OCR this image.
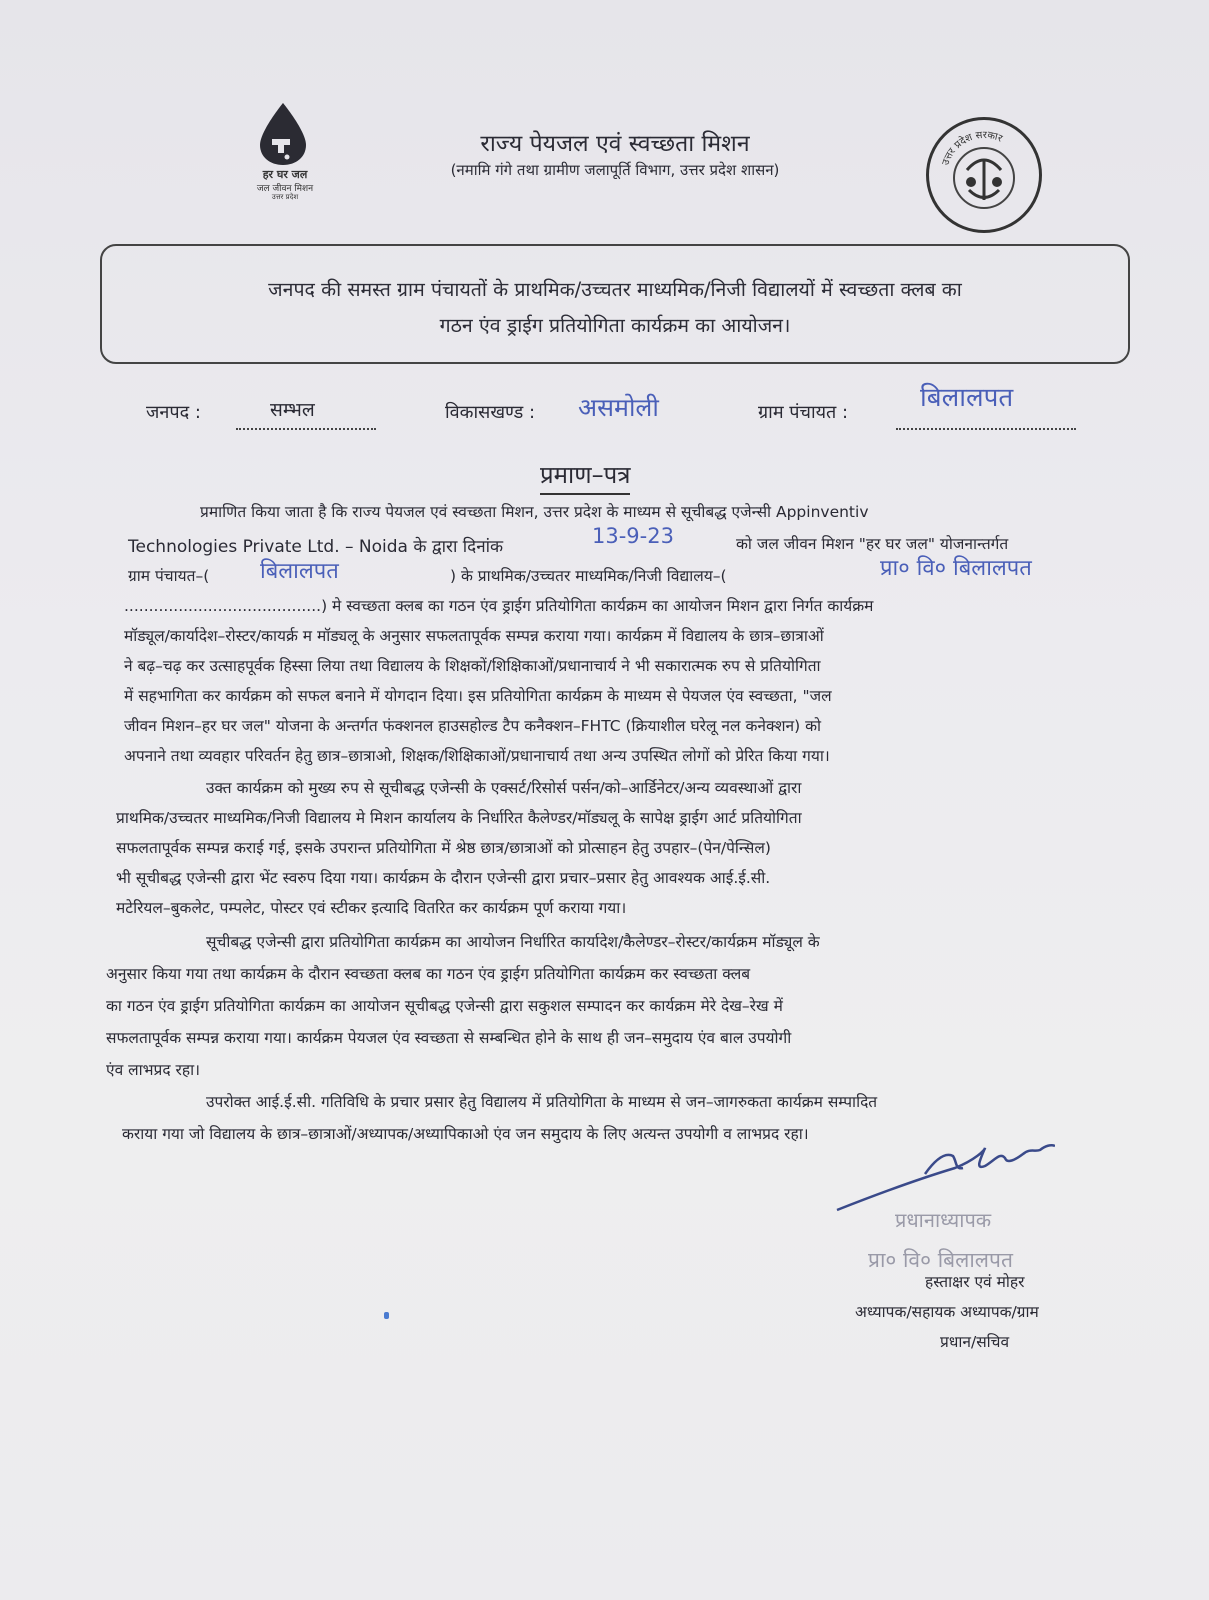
हर घर जल
जल जीवन मिशन
उत्तर प्रदेश
राज्य पेयजल एवं स्वच्छता मिशन
(नमामि गंगे तथा ग्रामीण जलापूर्ति विभाग, उत्तर प्रदेश शासन)	उत्तर प्रदेश सरकार
जनपद की समस्त ग्राम पंचायतों के प्राथमिक/उच्चतर माध्यमिक/निजी विद्यालयों में स्वच्छता क्लब का
गठन एंव ड्राईग प्रतियोगिता कार्यक्रम का आयोजन।
जनपद :	सम्भल	विकासखण्ड : असमोली	ग्राम पंचायत :	बिलालपत
प्रमाण–पत्र
प्रमाणित किया जाता है कि राज्य पेयजल एवं स्वच्छता मिशन, उत्तर प्रदेश के माध्यम से सूचीबद्ध एजेन्सी Appinventiv
Technologies Private Ltd. – Noida के द्वारा दिनांक	13-9-23	को जल जीवन मिशन "हर घर जल" योजनान्तर्गत
ग्राम पंचायत–( बिलालपत	) के प्राथमिक/उच्चतर माध्यमिक/निजी विद्यालय–(	प्रा० वि० बिलालपत
........................................) मे स्वच्छता क्लब का गठन एंव ड्राईग प्रतियोगिता कार्यक्रम का आयोजन मिशन द्वारा निर्गत कार्यक्रम
मॉड्यूल/कार्यादेश–रोस्टर/कायर्क्र म मॉड्यलू के अनुसार सफलतापूर्वक सम्पन्न कराया गया। कार्यक्रम में विद्यालय के छात्र–छात्राओं
ने बढ़–चढ़ कर उत्साहपूर्वक हिस्सा लिया तथा विद्यालय के शिक्षकों/शिक्षिकाओं/प्रधानाचार्य ने भी सकारात्मक रुप से प्रतियोगिता
में सहभागिता कर कार्यक्रम को सफल बनाने में योगदान दिया। इस प्रतियोगिता कार्यक्रम के माध्यम से पेयजल एंव स्वच्छता, "जल
जीवन मिशन–हर घर जल" योजना के अन्तर्गत फंक्शनल हाउसहोल्ड टैप कनैक्शन–FHTC (क्रियाशील घरेलू नल कनेक्शन) को
अपनाने तथा व्यवहार परिवर्तन हेतु छात्र–छात्राओ, शिक्षक/शिक्षिकाओं/प्रधानाचार्य तथा अन्य उपस्थित लोगों को प्रेरित किया गया।
उक्त कार्यक्रम को मुख्य रुप से सूचीबद्ध एजेन्सी के एक्सर्ट/रिसोर्स पर्सन/को–आर्डिनेटर/अन्य व्यवस्थाओं द्वारा
प्राथमिक/उच्चतर माध्यमिक/निजी विद्यालय मे मिशन कार्यालय के निर्धारित कैलेण्डर/मॉड्यलू के सापेक्ष ड्राईग आर्ट प्रतियोगिता
सफलतापूर्वक सम्पन्न कराई गई, इसके उपरान्त प्रतियोगिता में श्रेष्ठ छात्र/छात्राओं को प्रोत्साहन हेतु उपहार–(पेन/पेन्सिल)
भी सूचीबद्ध एजेन्सी द्वारा भेंट स्वरुप दिया गया। कार्यक्रम के दौरान एजेन्सी द्वारा प्रचार–प्रसार हेतु आवश्यक आई.ई.सी.
मटेरियल–बुकलेट, पम्पलेट, पोस्टर एवं स्टीकर इत्यादि वितरित कर कार्यक्रम पूर्ण कराया गया।
सूचीबद्ध एजेन्सी द्वारा प्रतियोगिता कार्यक्रम का आयोजन निर्धारित कार्यादेश/कैलेण्डर–रोस्टर/कार्यक्रम मॉड्यूल के
अनुसार किया गया तथा कार्यक्रम के दौरान स्वच्छता क्लब का गठन एंव ड्राईग प्रतियोगिता कार्यक्रम कर स्वच्छता क्लब
का गठन एंव ड्राईग प्रतियोगिता कार्यक्रम का आयोजन सूचीबद्ध एजेन्सी द्वारा सकुशल सम्पादन कर कार्यक्रम मेरे देख–रेख में
सफलतापूर्वक सम्पन्न कराया गया। कार्यक्रम पेयजल एंव स्वच्छता से सम्बन्धित होने के साथ ही जन–समुदाय एंव बाल उपयोगी
एंव लाभप्रद रहा।
उपरोक्त आई.ई.सी. गतिविधि के प्रचार प्रसार हेतु विद्यालय में प्रतियोगिता के माध्यम से जन–जागरुकता कार्यक्रम सम्पादित
कराया गया जो विद्यालय के छात्र–छात्राओं/अध्यापक/अध्यापिकाओ एंव जन समुदाय के लिए अत्यन्त उपयोगी व लाभप्रद रहा।
प्रधानाध्यापक
प्रा० वि० बिलालपत
हस्ताक्षर एवं मोहर
अध्यापक/सहायक अध्यापक/ग्राम
प्रधान/सचिव
